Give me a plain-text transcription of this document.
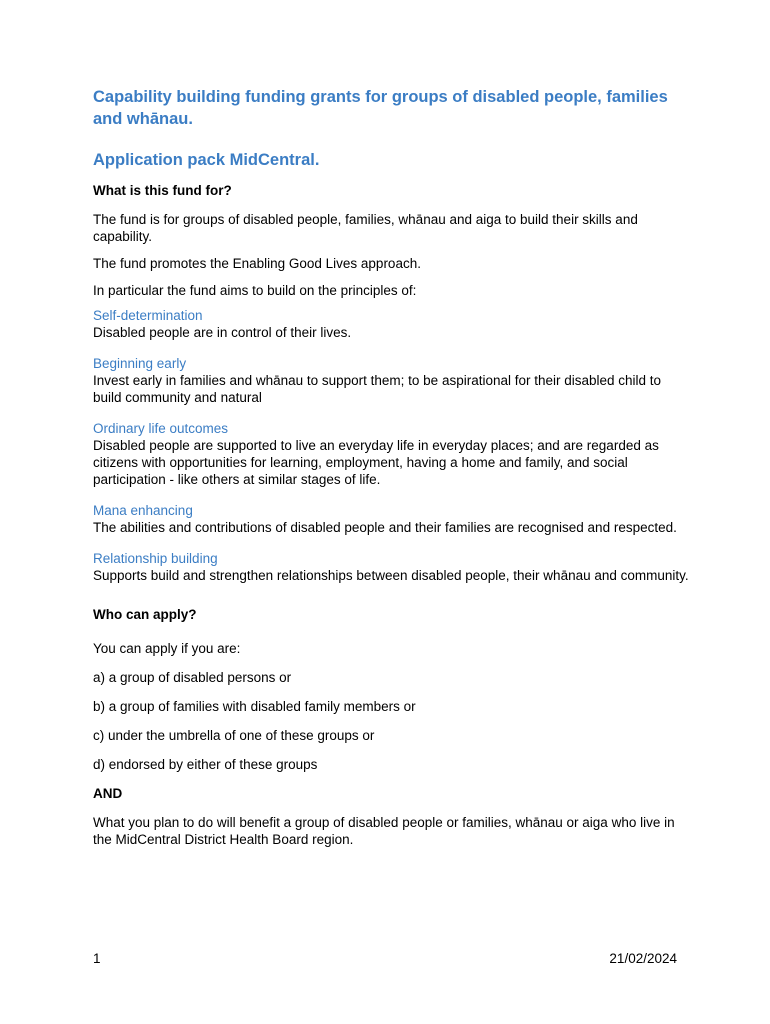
Capability building funding grants for groups of disabled people, families and whānau.
Application pack MidCentral.
What is this fund for?

The fund is for groups of disabled people, families, whānau and aiga to build their skills and capability.

The fund promotes the Enabling Good Lives approach.

In particular the fund aims to build on the principles of:

Self-determination
Disabled people are in control of their lives.
Beginning early
Invest early in families and whānau to support them; to be aspirational for their disabled child to build community and natural
Ordinary life outcomes
Disabled people are supported to live an everyday life in everyday places; and are regarded as citizens with opportunities for learning, employment, having a home and family, and social participation - like others at similar stages of life.
Mana enhancing
The abilities and contributions of disabled people and their families are recognised and respected.
Relationship building
Supports build and strengthen relationships between disabled people, their whānau and community.
Who can apply?

You can apply if you are:

a) a group of disabled persons or

b) a group of families with disabled family members or

c) under the umbrella of one of these groups or

d) endorsed by either of these groups

AND

What you plan to do will benefit a group of disabled people or families, whānau or aiga who live in the MidCentral District Health Board region.

1	21/02/2024
